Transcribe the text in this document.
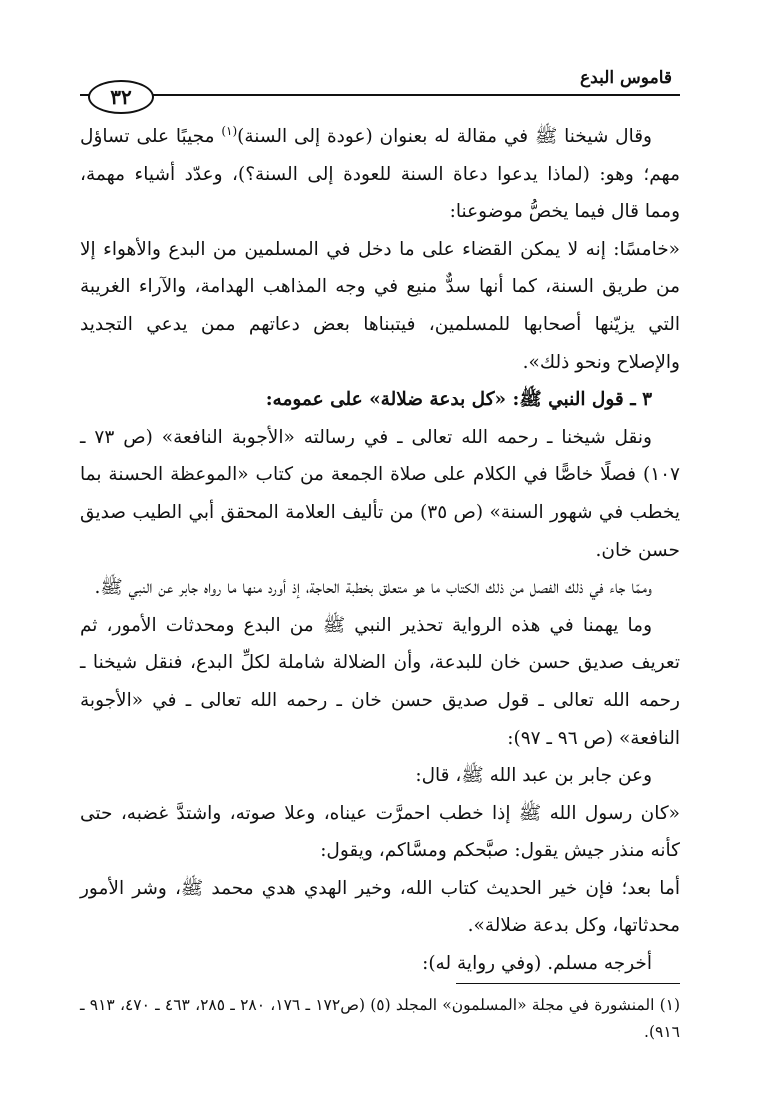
قاموس البدع
٣٢

وقال شيخنا ﷺ في مقالة له بعنوان (عودة إلى السنة)$^{(١)}$ مجيبًا على تساؤل مهم؛ وهو: (لماذا يدعوا دعاة السنة للعودة إلى السنة؟)، وعدّد أشياء مهمة، ومما قال فيما يخصُّ موضوعنا:

«خامسًا: إنه لا يمكن القضاء على ما دخل في المسلمين من البدع والأهواء إلا من طريق السنة، كما أنها سدٌّ منيع في وجه المذاهب الهدامة، والآراء الغريبة التي يزيّنها أصحابها للمسلمين، فيتبناها بعض دعاتهم ممن يدعي التجديد والإصلاح ونحو ذلك».

٣ ـ قول النبي ﷺ: «كل بدعة ضلالة» على عمومه:

ونقل شيخنا ـ رحمه الله تعالى ـ في رسالته «الأجوبة النافعة» (ص ٧٣ ـ ١٠٧) فصلًا خاصًّا في الكلام على صلاة الجمعة من كتاب «الموعظة الحسنة بما يخطب في شهور السنة» (ص ٣٥) من تأليف العلامة المحقق أبي الطيب صديق حسن خان.

وممّا جاء في ذلك الفصل من ذلك الكتاب ما هو متعلق بخطبة الحاجة، إذ أورد منها ما رواه جابر عن النبي ﷺ.

وما يهمنا في هذه الرواية تحذير النبي ﷺ من البدع ومحدثات الأمور، ثم تعريف صديق حسن خان للبدعة، وأن الضلالة شاملة لكلِّ البدع، فنقل شيخنا ـ رحمه الله تعالى ـ قول صديق حسن خان ـ رحمه الله تعالى ـ في «الأجوبة النافعة» (ص ٩٦ ـ ٩٧):

وعن جابر بن عبد الله ﷺ، قال:

«كان رسول الله ﷺ إذا خطب احمرَّت عيناه، وعلا صوته، واشتدَّ غضبه، حتى كأنه منذر جيش يقول: صبَّحكم ومسَّاكم، ويقول:

أما بعد؛ فإن خير الحديث كتاب الله، وخير الهدي هدي محمد ﷺ، وشر الأمور محدثاتها، وكل بدعة ضلالة».

أخرجه مسلم. (وفي رواية له):

(١) المنشورة في مجلة «المسلمون» المجلد (٥) (ص١٧٢ ـ ١٧٦، ٢٨٠ ـ ٢٨٥، ٤٦٣ ـ ٤٧٠، ٩١٣ ـ ٩١٦).
